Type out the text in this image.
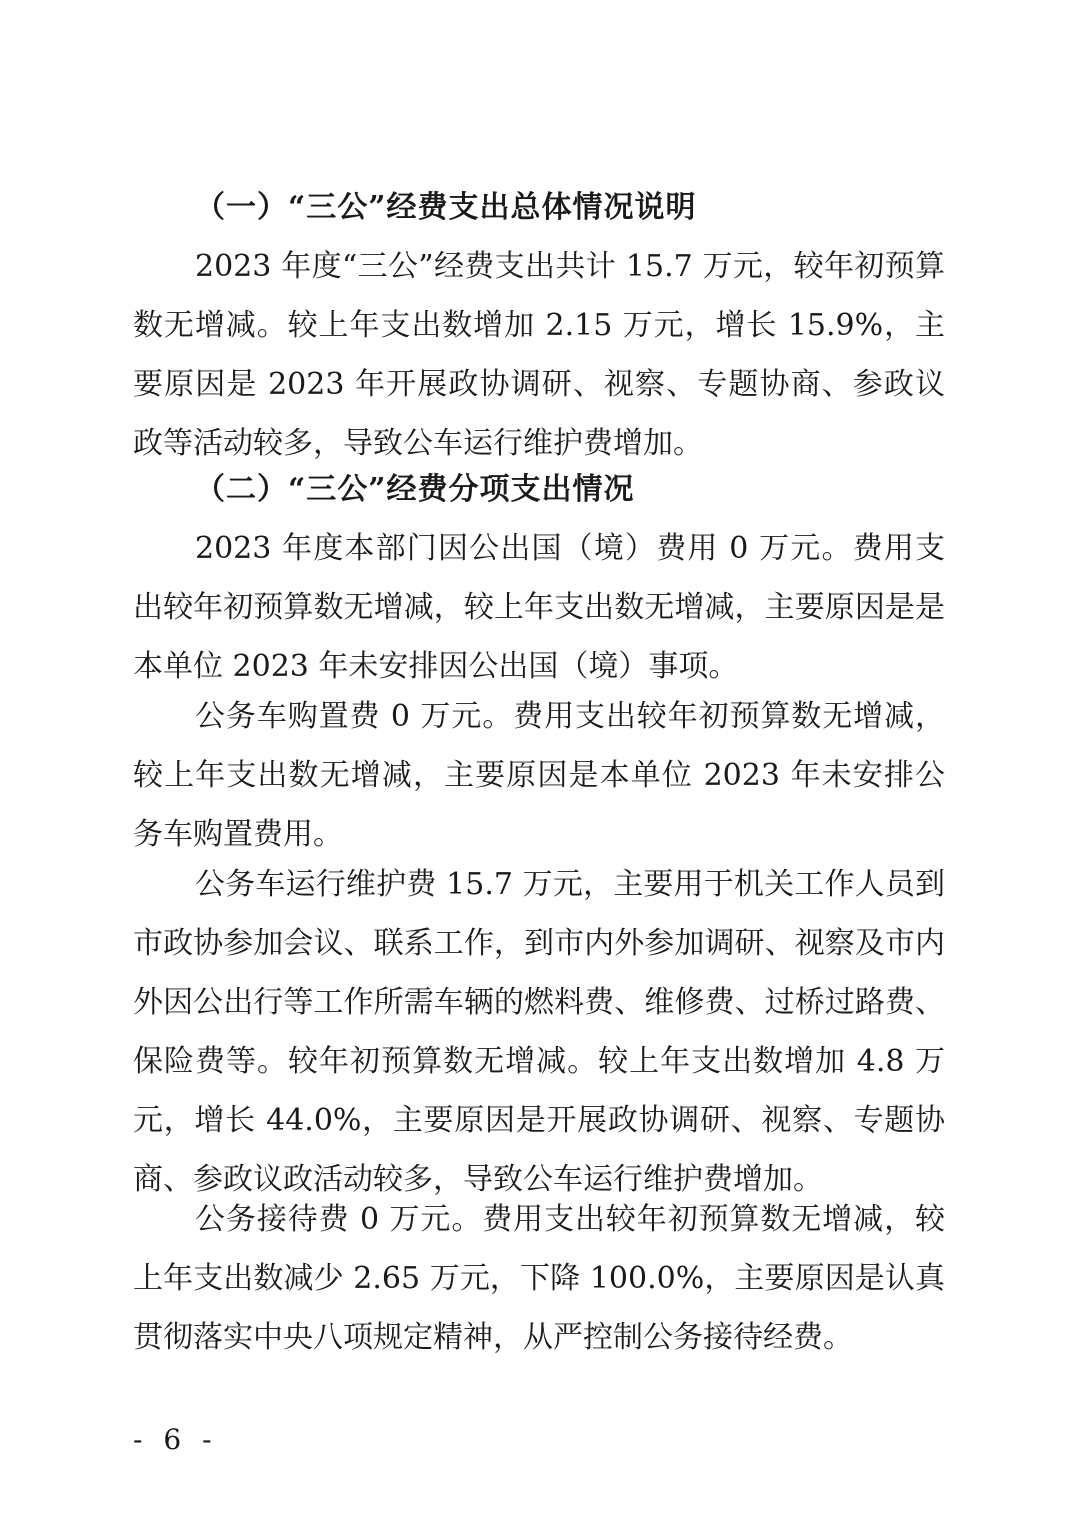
（一）“三公”经费支出总体情况说明

2023 年度“三公”经费支出共计 15.7 万元，较年初预算数无增减。较上年支出数增加 2.15 万元，增长 15.9%，主要原因是 2023 年开展政协调研、视察、专题协商、参政议政等活动较多，导致公车运行维护费增加。

（二）“三公”经费分项支出情况

2023 年度本部门因公出国（境）费用 0 万元。费用支出较年初预算数无增减，较上年支出数无增减，主要原因是是本单位 2023 年未安排因公出国（境）事项。

公务车购置费 0 万元。费用支出较年初预算数无增减，较上年支出数无增减，主要原因是本单位 2023 年未安排公务车购置费用。

公务车运行维护费 15.7 万元，主要用于机关工作人员到市政协参加会议、联系工作，到市内外参加调研、视察及市内外因公出行等工作所需车辆的燃料费、维修费、过桥过路费、保险费等。较年初预算数无增减。较上年支出数增加 4.8 万元，增长 44.0%，主要原因是开展政协调研、视察、专题协商、参政议政活动较多，导致公车运行维护费增加。

公务接待费 0 万元。费用支出较年初预算数无增减，较上年支出数减少 2.65 万元，下降 100.0%，主要原因是认真贯彻落实中央八项规定精神，从严控制公务接待经费。

- 6 -
